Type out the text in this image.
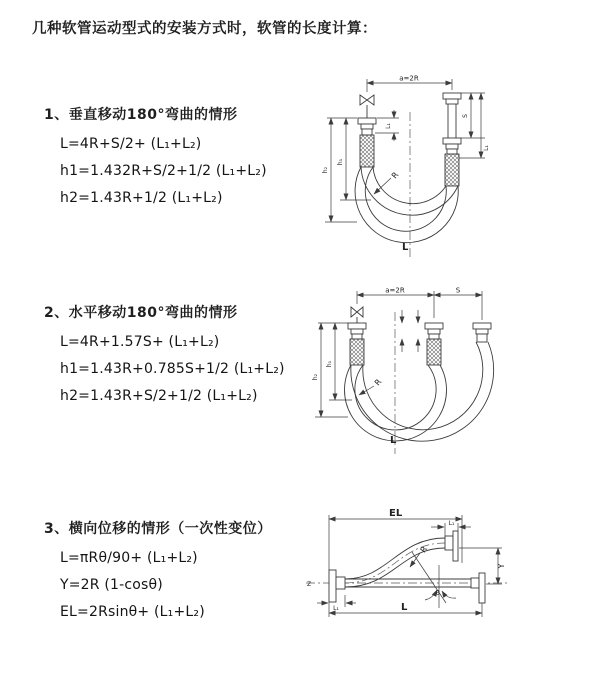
几种软管运动型式的安装方式时，软管的长度计算：
1、垂直移动180°弯曲的情形
L=4R+S/2+ (L₁+L₂)
h1=1.432R+S/2+1/2 (L₁+L₂)
h2=1.43R+1/2 (L₁+L₂)
2、水平移动180°弯曲的情形
L=4R+1.57S+ (L₁+L₂)
h1=1.43R+0.785S+1/2 (L₁+L₂)
h2=1.43R+S/2+1/2 (L₁+L₂)
3、横向位移的情形（一次性变位）
L=πRθ/90+ (L₁+L₂)
Y=2R (1-cosθ)
EL=2Rsinθ+ (L₁+L₂)
a=2R
h₁
h₂
L₁
S
L₁
R
L
a=2R	S
h₁
h₂
R
L
Z
EL
L₁
Y
R
θ
L₁	L
